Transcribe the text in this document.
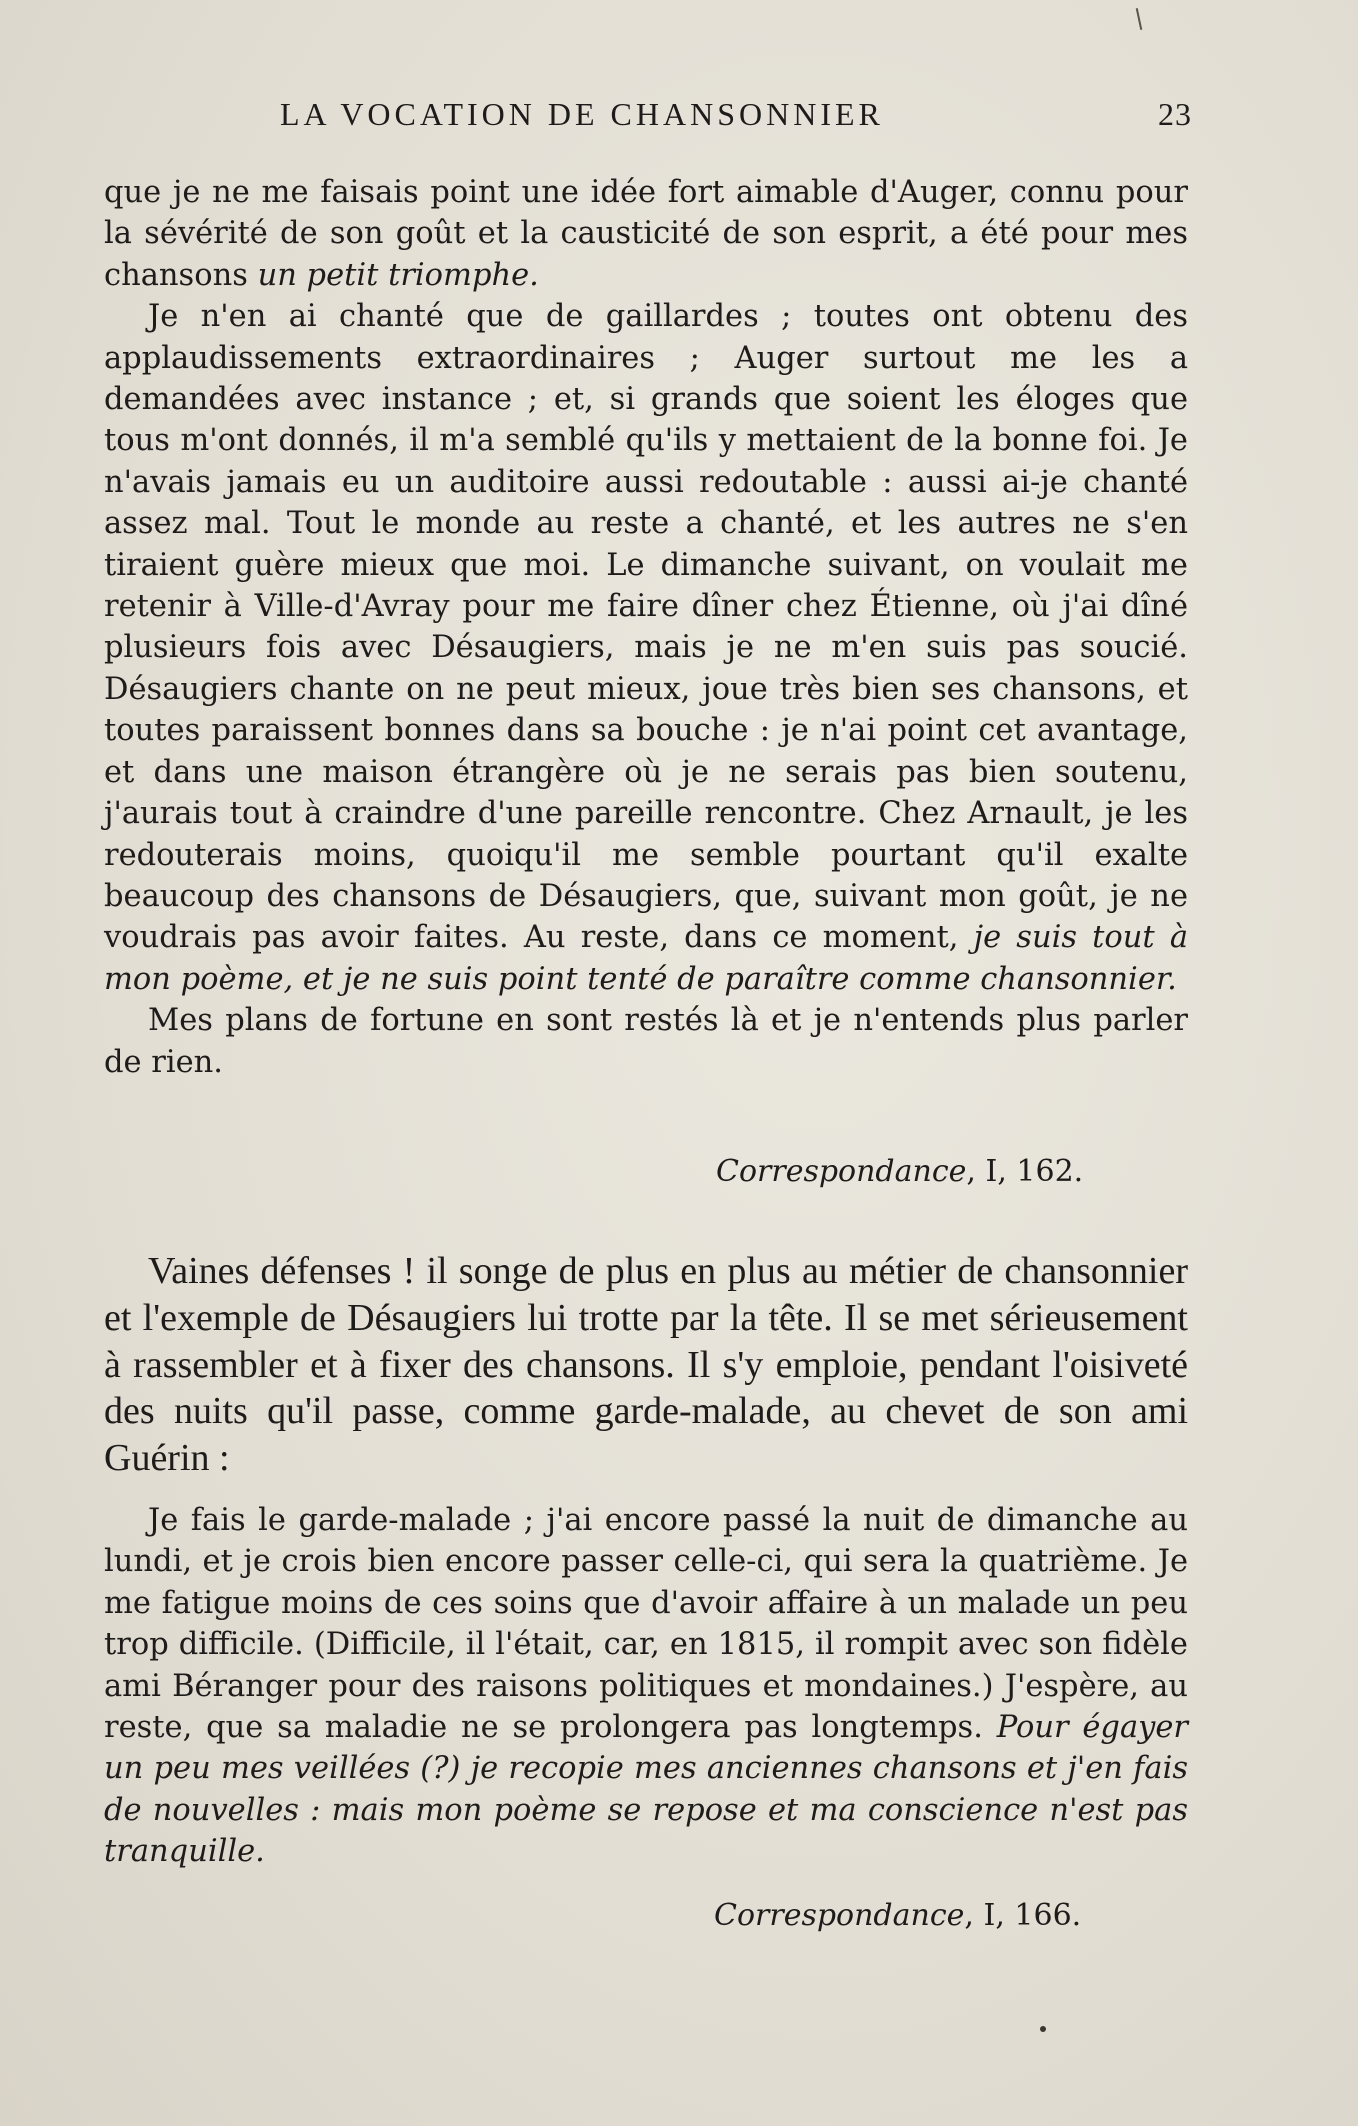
LA VOCATION DE CHANSONNIER	23

que je ne me faisais point une idée fort aimable d'Auger, connu pour la sévérité de son goût et la causticité de son esprit, a été pour mes chansons un petit triomphe.

Je n'en ai chanté que de gaillardes ; toutes ont obtenu des applaudissements extraordinaires ; Auger surtout me les a demandées avec instance ; et, si grands que soient les éloges que tous m'ont donnés, il m'a semblé qu'ils y mettaient de la bonne foi. Je n'avais jamais eu un auditoire aussi redoutable : aussi ai-je chanté assez mal. Tout le monde au reste a chanté, et les autres ne s'en tiraient guère mieux que moi. Le dimanche suivant, on voulait me retenir à Ville-d'Avray pour me faire dîner chez Étienne, où j'ai dîné plusieurs fois avec Désaugiers, mais je ne m'en suis pas soucié. Désaugiers chante on ne peut mieux, joue très bien ses chansons, et toutes paraissent bonnes dans sa bouche : je n'ai point cet avantage, et dans une maison étrangère où je ne serais pas bien soutenu, j'aurais tout à craindre d'une pareille rencontre. Chez Arnault, je les redouterais moins, quoiqu'il me semble pourtant qu'il exalte beaucoup des chansons de Désaugiers, que, suivant mon goût, je ne voudrais pas avoir faites. Au reste, dans ce moment, je suis tout à mon poème, et je ne suis point tenté de paraître comme chansonnier.

Mes plans de fortune en sont restés là et je n'entends plus parler de rien.

Correspondance, I, 162.

Vaines défenses ! il songe de plus en plus au métier de chansonnier et l'exemple de Désaugiers lui trotte par la tête. Il se met sérieusement à rassembler et à fixer des chansons. Il s'y emploie, pendant l'oisiveté des nuits qu'il passe, comme garde-malade, au chevet de son ami Guérin :

Je fais le garde-malade ; j'ai encore passé la nuit de dimanche au lundi, et je crois bien encore passer celle-ci, qui sera la quatrième. Je me fatigue moins de ces soins que d'avoir affaire à un malade un peu trop difficile. (Difficile, il l'était, car, en 1815, il rompit avec son fidèle ami Béranger pour des raisons politiques et mondaines.) J'espère, au reste, que sa maladie ne se prolongera pas longtemps. Pour égayer un peu mes veillées (?) je recopie mes anciennes chansons et j'en fais de nouvelles : mais mon poème se repose et ma conscience n'est pas tranquille.

Correspondance, I, 166.
